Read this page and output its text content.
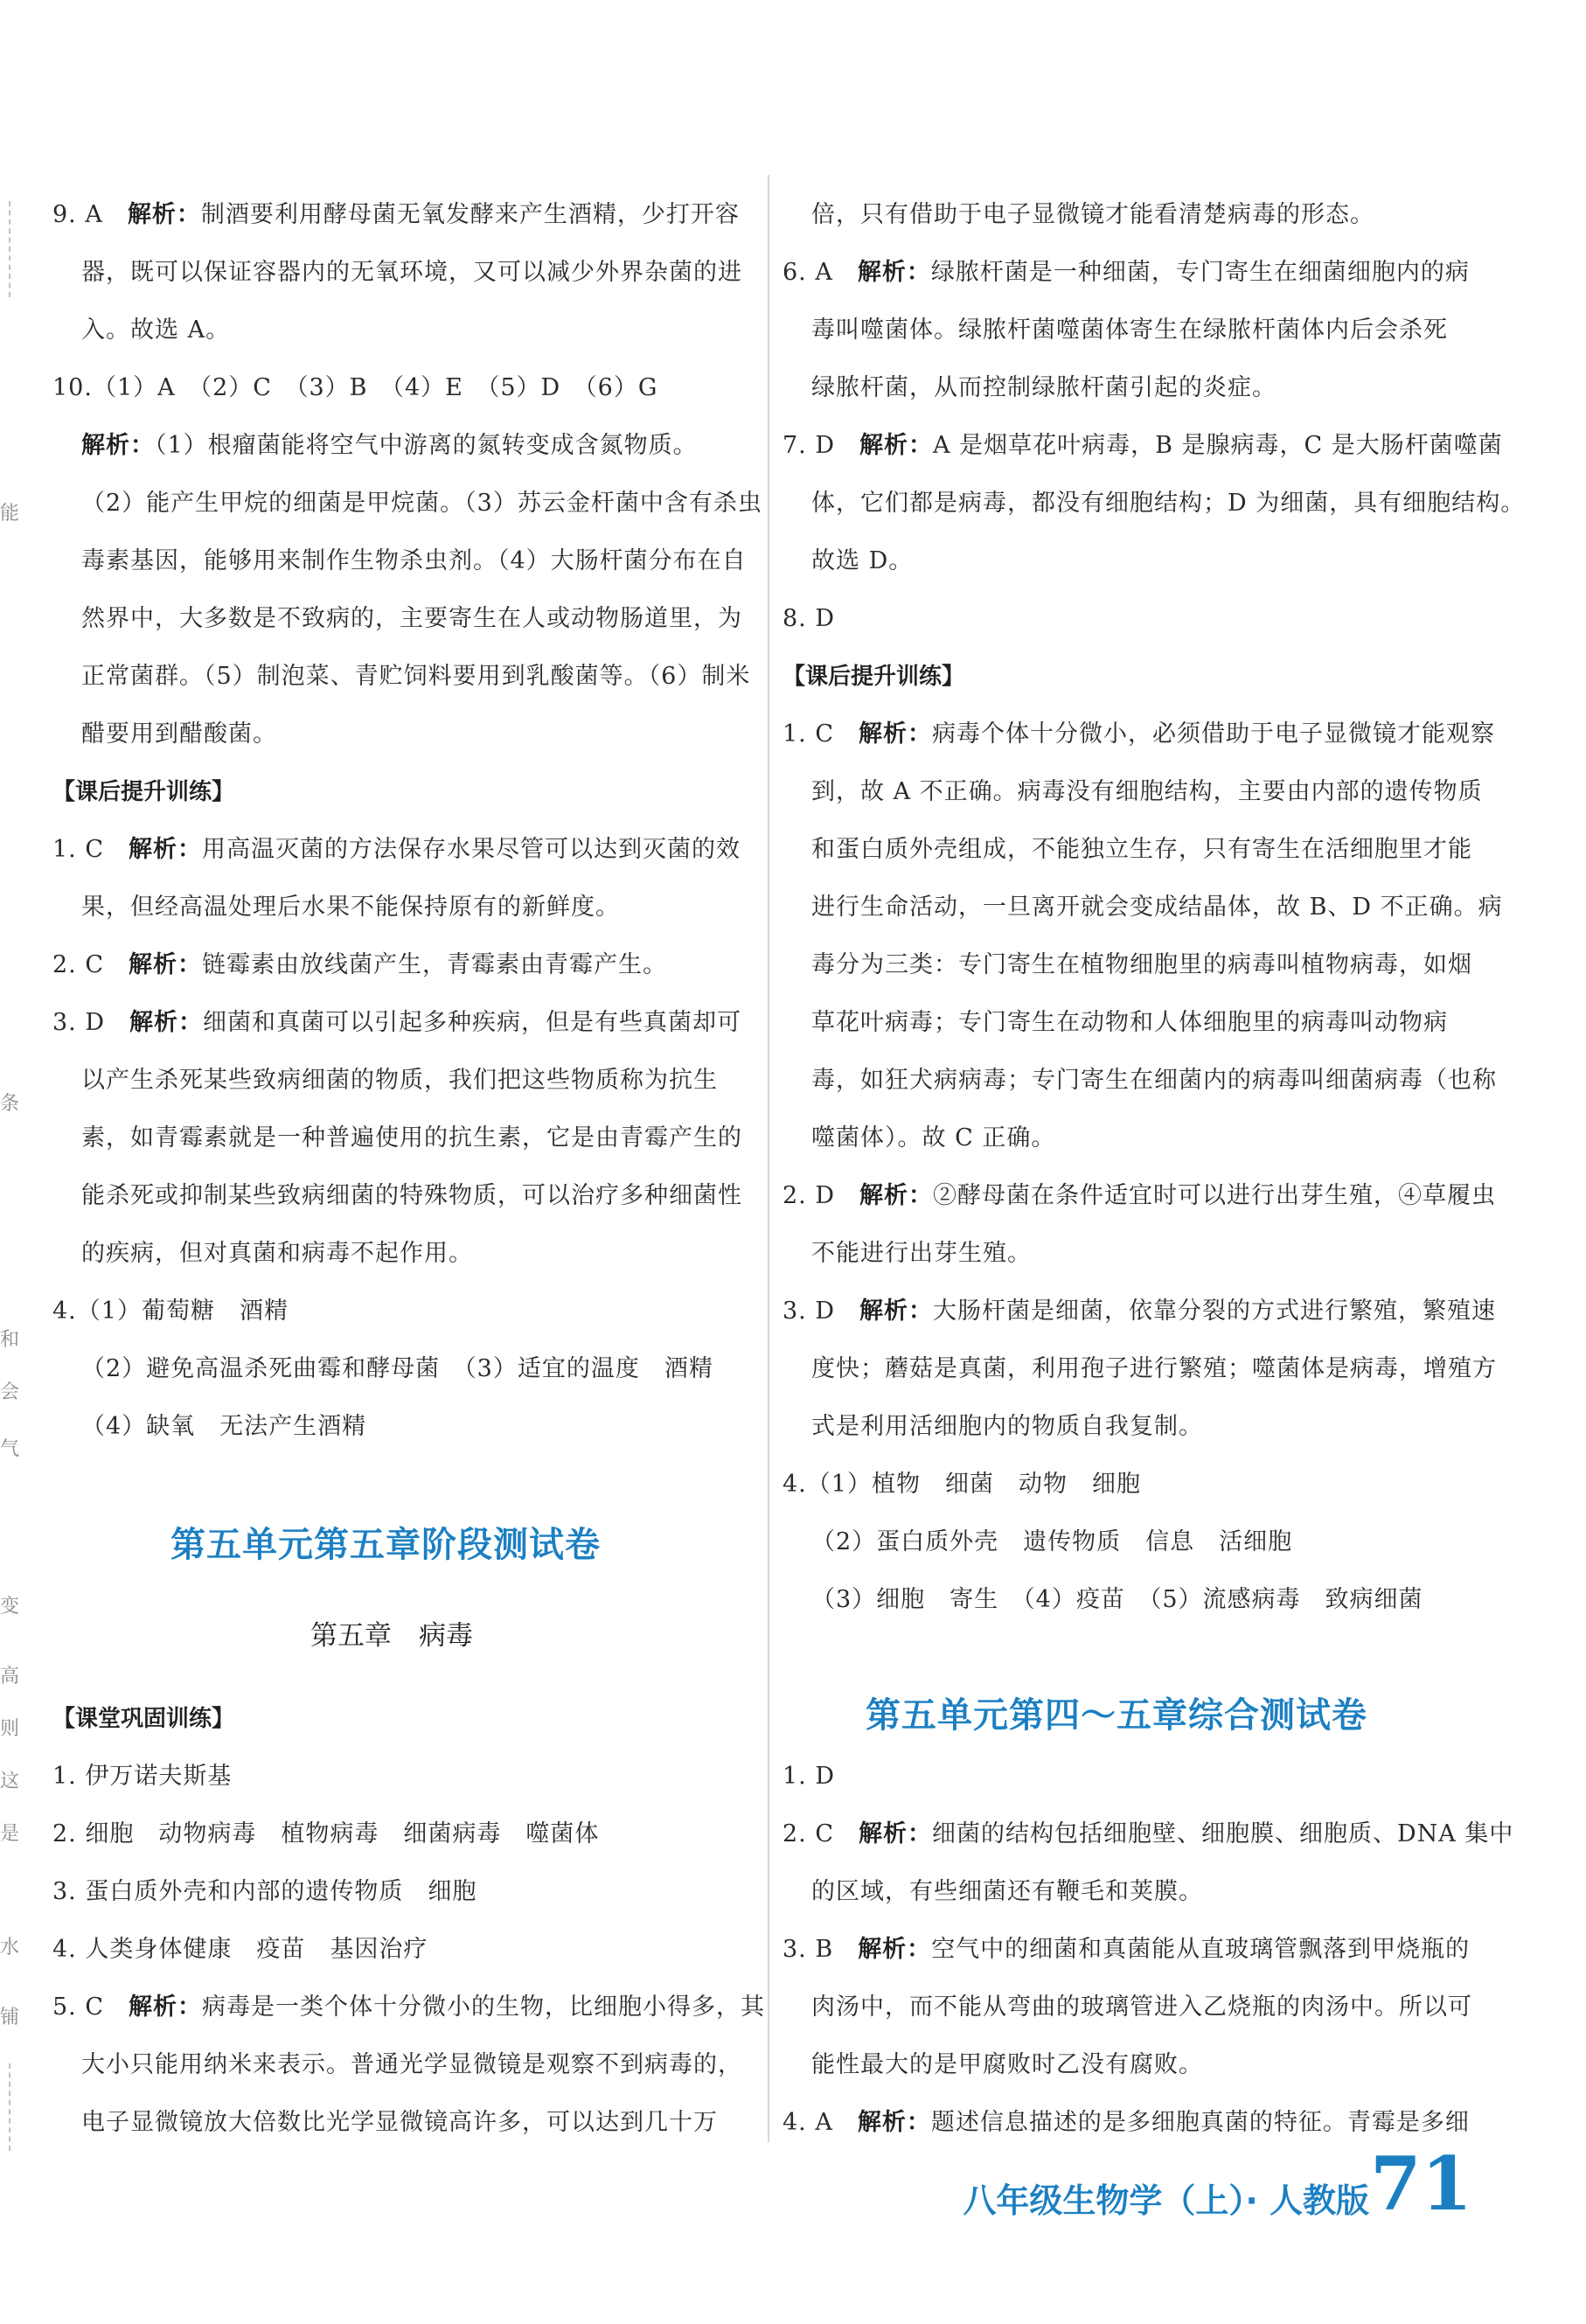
能
条
和
会
气
变
高
则
这
是
水
铺
9. A　 解析：制酒要利用酵母菌无氧发酵来产生酒精，少打开容
器，既可以保证容器内的无氧环境，又可以减少外界杂菌的进
入。故选 A。
10.（1）A　（2）C　（3）B　（4）E　（5）D　（6）G
解析：（1）根瘤菌能将空气中游离的氮转变成含氮物质。
（2）能产生甲烷的细菌是甲烷菌。（3）苏云金杆菌中含有杀虫
毒素基因，能够用来制作生物杀虫剂。（4）大肠杆菌分布在自
然界中，大多数是不致病的，主要寄生在人或动物肠道里，为
正常菌群。（5）制泡菜、青贮饲料要用到乳酸菌等。（6）制米
醋要用到醋酸菌。
【课后提升训练】
1. C　 解析：用高温灭菌的方法保存水果尽管可以达到灭菌的效
果，但经高温处理后水果不能保持原有的新鲜度。
2. C　 解析：链霉素由放线菌产生，青霉素由青霉产生。
3. D　 解析：细菌和真菌可以引起多种疾病，但是有些真菌却可
以产生杀死某些致病细菌的物质，我们把这些物质称为抗生
素，如青霉素就是一种普遍使用的抗生素，它是由青霉产生的
能杀死或抑制某些致病细菌的特殊物质，可以治疗多种细菌性
的疾病，但对真菌和病毒不起作用。
4.（1）葡萄糖　酒精
（2）避免高温杀死曲霉和酵母菌　（3）适宜的温度　酒精
（4）缺氧　无法产生酒精
第五单元第五章阶段测试卷
第五章　病毒
【课堂巩固训练】
1. 伊万诺夫斯基
2. 细胞　动物病毒　植物病毒　细菌病毒　噬菌体
3. 蛋白质外壳和内部的遗传物质　细胞
4. 人类身体健康　疫苗　基因治疗
5. C　 解析：病毒是一类个体十分微小的生物，比细胞小得多，其
大小只能用纳米来表示。普通光学显微镜是观察不到病毒的，
电子显微镜放大倍数比光学显微镜高许多，可以达到几十万
倍，只有借助于电子显微镜才能看清楚病毒的形态。
6. A　 解析：绿脓杆菌是一种细菌，专门寄生在细菌细胞内的病
毒叫噬菌体。绿脓杆菌噬菌体寄生在绿脓杆菌体内后会杀死
绿脓杆菌，从而控制绿脓杆菌引起的炎症。
7. D　 解析：A 是烟草花叶病毒，B 是腺病毒，C 是大肠杆菌噬菌
体，它们都是病毒，都没有细胞结构；D 为细菌，具有细胞结构。
故选 D。
8. D
【课后提升训练】
1. C　 解析：病毒个体十分微小，必须借助于电子显微镜才能观察
到，故 A 不正确。病毒没有细胞结构，主要由内部的遗传物质
和蛋白质外壳组成，不能独立生存，只有寄生在活细胞里才能
进行生命活动，一旦离开就会变成结晶体，故 B、D 不正确。病
毒分为三类：专门寄生在植物细胞里的病毒叫植物病毒，如烟
草花叶病毒；专门寄生在动物和人体细胞里的病毒叫动物病
毒，如狂犬病病毒；专门寄生在细菌内的病毒叫细菌病毒（也称
噬菌体）。故 C 正确。
2. D　 解析：②酵母菌在条件适宜时可以进行出芽生殖，④草履虫
不能进行出芽生殖。
3. D　 解析：大肠杆菌是细菌，依靠分裂的方式进行繁殖，繁殖速
度快；蘑菇是真菌，利用孢子进行繁殖；噬菌体是病毒，增殖方
式是利用活细胞内的物质自我复制。
4.（1）植物　细菌　动物　细胞
（2）蛋白质外壳　遗传物质　信息　活细胞
（3）细胞　寄生　（4）疫苗　（5）流感病毒　致病细菌
第五单元第四～五章综合测试卷
1. D
2. C　 解析：细菌的结构包括细胞壁、细胞膜、细胞质、DNA 集中
的区域，有些细菌还有鞭毛和荚膜。
3. B　 解析：空气中的细菌和真菌能从直玻璃管飘落到甲烧瓶的
肉汤中，而不能从弯曲的玻璃管进入乙烧瓶的肉汤中。所以可
能性最大的是甲腐败时乙没有腐败。
4. A　 解析：题述信息描述的是多细胞真菌的特征。青霉是多细
八年级生物学（上）· 人教版 71
